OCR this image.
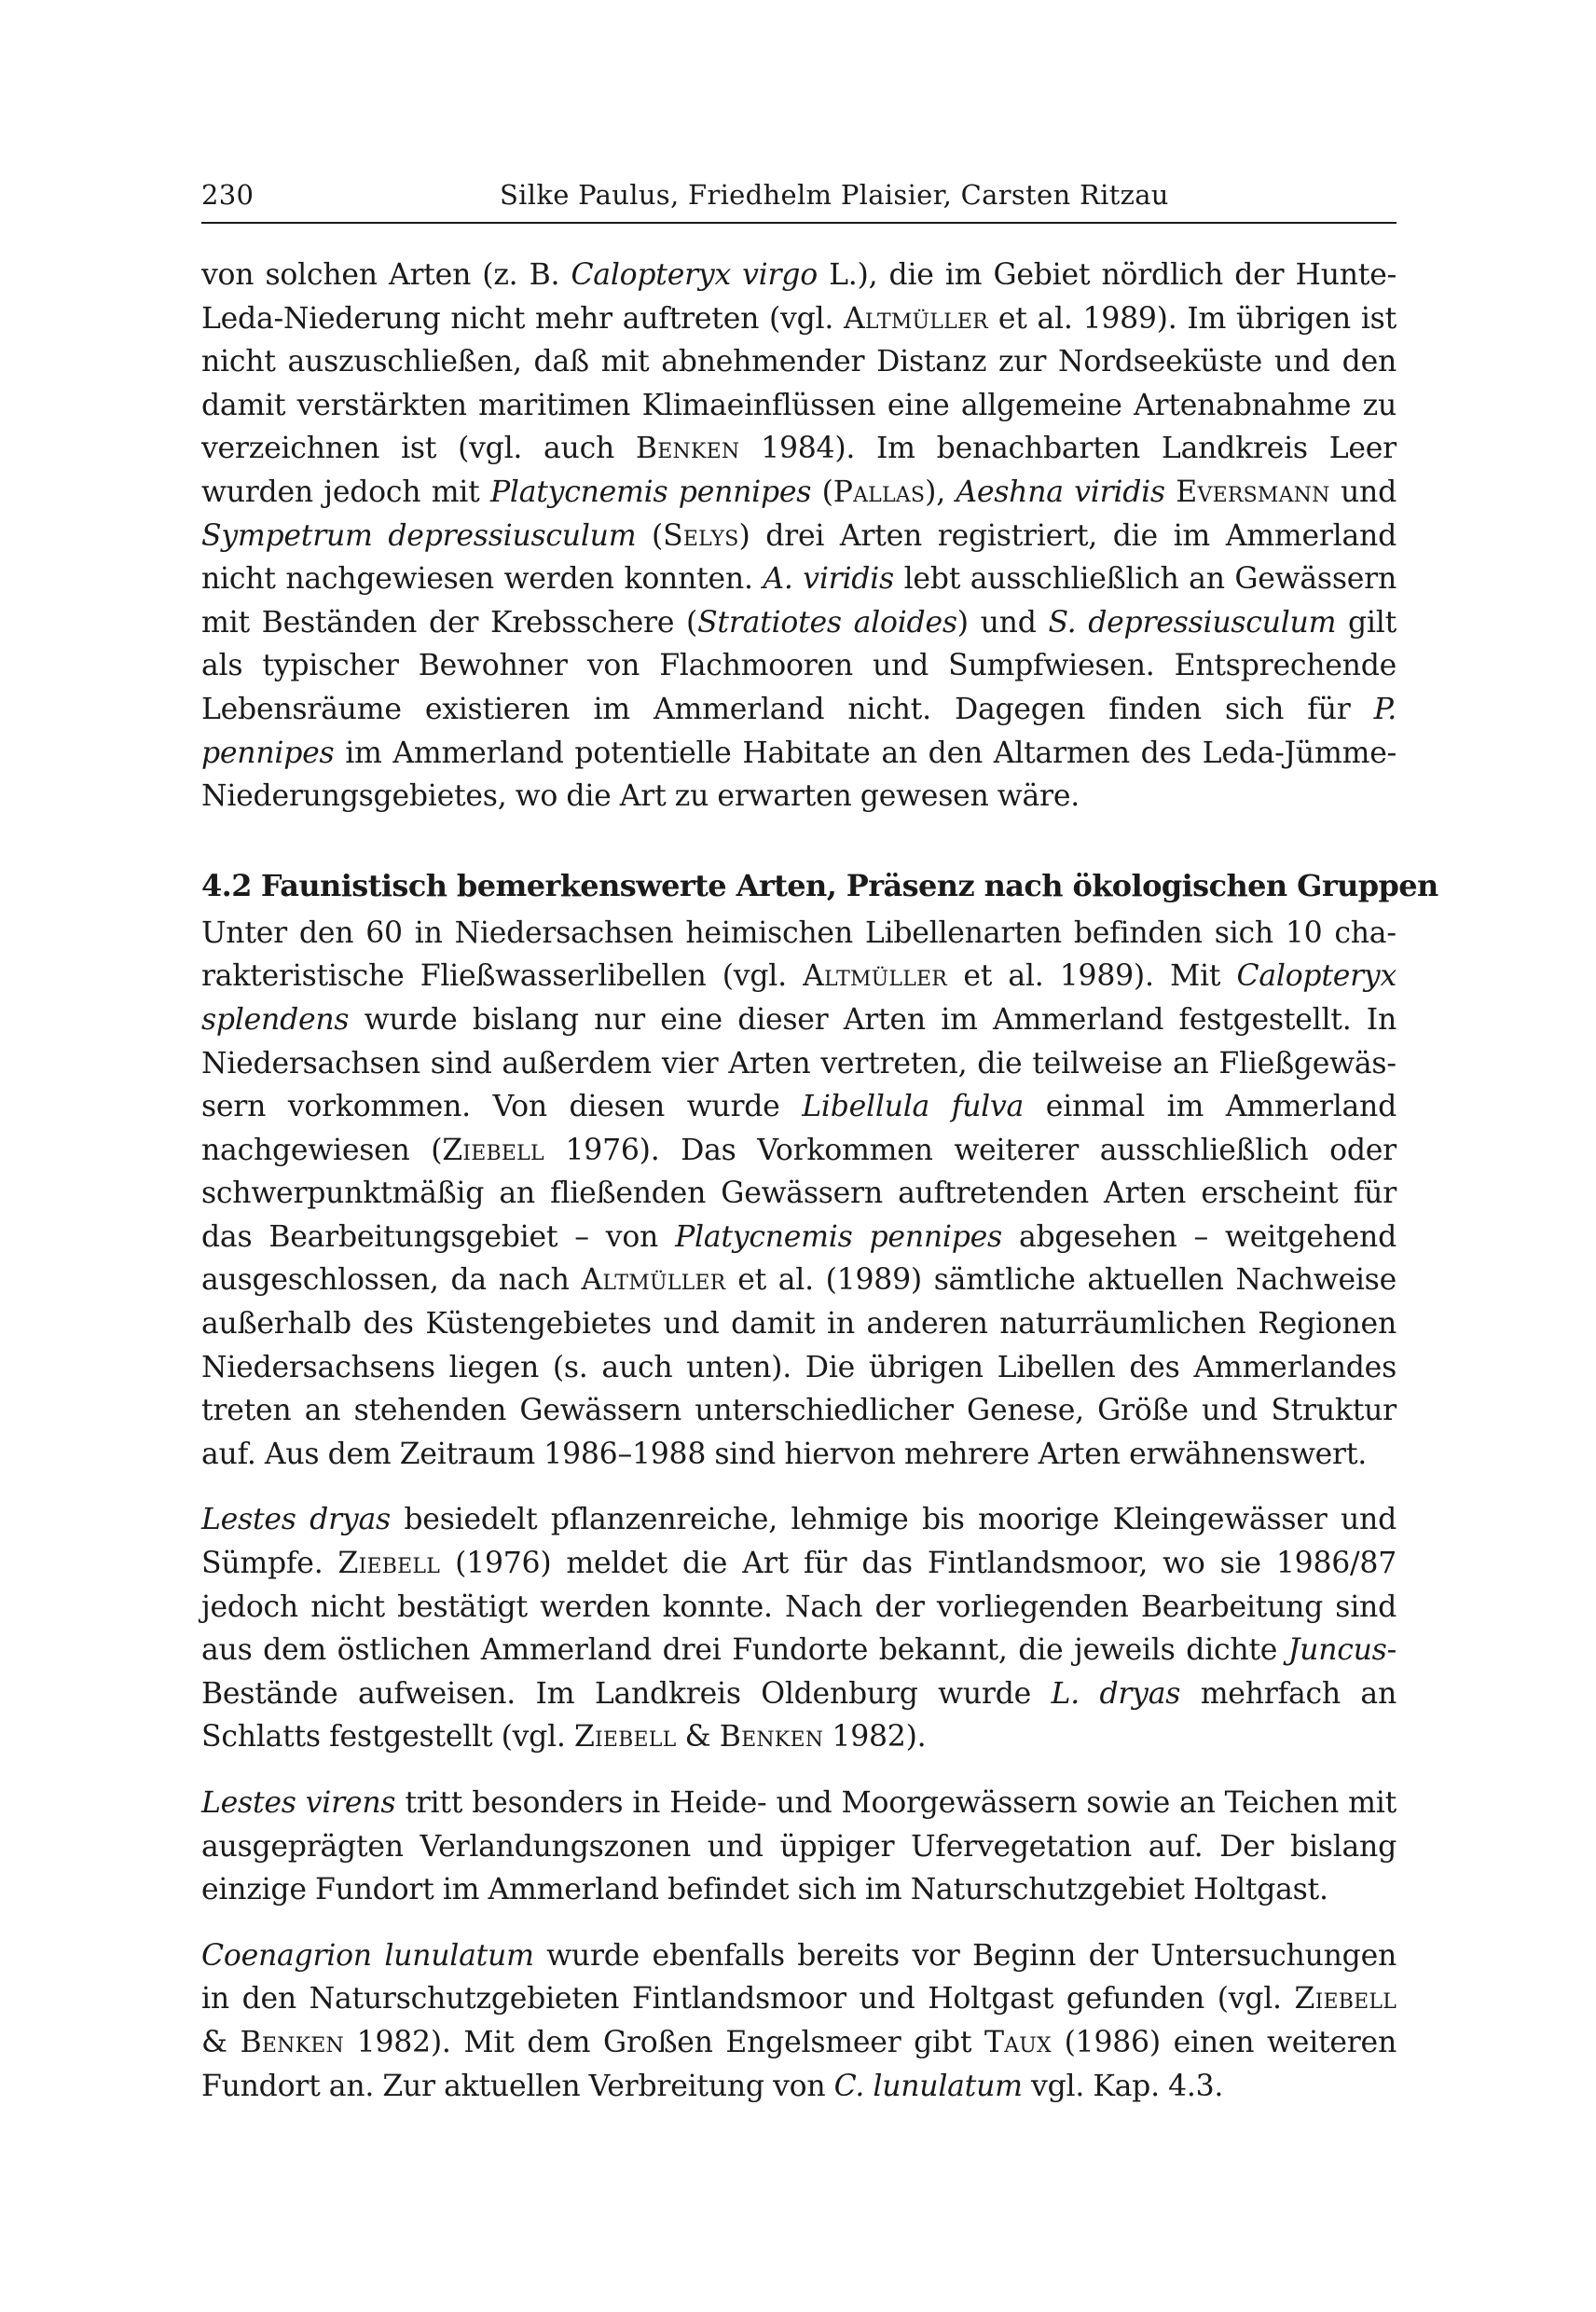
230	Silke Paulus, Friedhelm Plaisier, Carsten Ritzau

von solchen Arten (z. B. Calopteryx virgo L.), die im Gebiet nördlich der Hunte-Leda-Niederung nicht mehr auftreten (vgl. Altmüller et al. 1989). Im übrigen ist nicht auszuschließen, daß mit abnehmender Distanz zur Nordseeküste und den damit verstärkten maritimen Klimaeinflüssen eine allgemeine Artenabnahme zu verzeichnen ist (vgl. auch Benken 1984). Im benachbarten Landkreis Leer wurden jedoch mit Platycnemis pennipes (Pallas), Aeshna viridis Eversmann und Sympetrum depressiusculum (Selys) drei Arten registriert, die im Ammerland nicht nachgewiesen werden konnten. A. viridis lebt ausschließlich an Gewässern mit Beständen der Krebsschere (Stratiotes aloides) und S. depressiusculum gilt als typischer Bewohner von Flachmooren und Sumpfwiesen. Entsprechende Lebensräume existieren im Ammerland nicht. Dagegen finden sich für P. pennipes im Ammerland potentielle Habitate an den Altarmen des Leda-Jümme-Niederungsgebietes, wo die Art zu erwarten gewesen wäre.

4.2 Faunistisch bemerkenswerte Arten, Präsenz nach ökologischen Gruppen

Unter den 60 in Niedersachsen heimischen Libellenarten befinden sich 10 charakteristische Fließwasserlibellen (vgl. Altmüller et al. 1989). Mit Calopteryx splendens wurde bislang nur eine dieser Arten im Ammerland festgestellt. In Niedersachsen sind außerdem vier Arten vertreten, die teilweise an Fließgewässern vorkommen. Von diesen wurde Libellula fulva einmal im Ammerland nachgewiesen (Ziebell 1976). Das Vorkommen weiterer ausschließlich oder schwerpunktmäßig an fließenden Gewässern auftretenden Arten erscheint für das Bearbeitungsgebiet – von Platycnemis pennipes abgesehen – weitgehend ausgeschlossen, da nach Altmüller et al. (1989) sämtliche aktuellen Nachweise außerhalb des Küstengebietes und damit in anderen naturräumlichen Regionen Niedersachsens liegen (s. auch unten). Die übrigen Libellen des Ammerlandes treten an stehenden Gewässern unterschiedlicher Genese, Größe und Struktur auf. Aus dem Zeitraum 1986–1988 sind hiervon mehrere Arten erwähnenswert.

Lestes dryas besiedelt pflanzenreiche, lehmige bis moorige Kleingewässer und Sümpfe. Ziebell (1976) meldet die Art für das Fintlandsmoor, wo sie 1986/87 jedoch nicht bestätigt werden konnte. Nach der vorliegenden Bearbeitung sind aus dem östlichen Ammerland drei Fundorte bekannt, die jeweils dichte Juncus-Bestände aufweisen. Im Landkreis Oldenburg wurde L. dryas mehrfach an Schlatts festgestellt (vgl. Ziebell & Benken 1982).

Lestes virens tritt besonders in Heide- und Moorgewässern sowie an Teichen mit ausgeprägten Verlandungszonen und üppiger Ufervegetation auf. Der bislang einzige Fundort im Ammerland befindet sich im Naturschutzgebiet Holtgast.

Coenagrion lunulatum wurde ebenfalls bereits vor Beginn der Untersuchungen in den Naturschutzgebieten Fintlandsmoor und Holtgast gefunden (vgl. Ziebell & Benken 1982). Mit dem Großen Engelsmeer gibt Taux (1986) einen weiteren Fundort an. Zur aktuellen Verbreitung von C. lunulatum vgl. Kap. 4.3.
